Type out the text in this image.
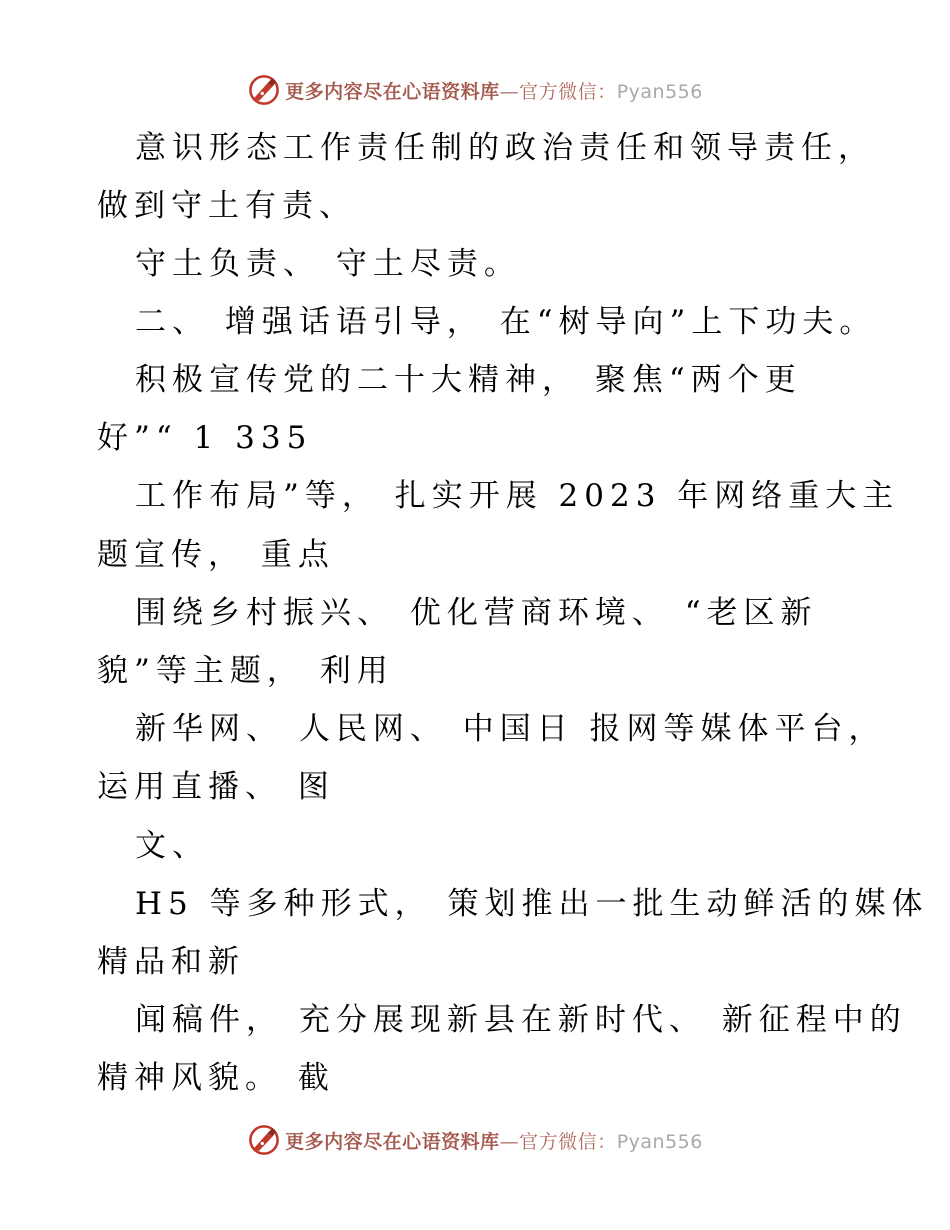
更多内容尽在心语资料库—官方微信：Pyan556
意识形态工作责任制的政治责任和领导责任，
做到守土有责、
守土负责、 守土尽责。
二、 增强话语引导， 在“树导向”上下功夫。
积极宣传党的二十大精神， 聚焦“两个更
好”“ 1 335
工作布局”等， 扎实开展 2023 年网络重大主
题宣传， 重点
围绕乡村振兴、 优化营商环境、 “老区新
貌”等主题， 利用
新华网、 人民网、 中国日 报网等媒体平台，
运用直播、 图
文、
H5 等多种形式， 策划推出一批生动鲜活的媒体
精品和新
闻稿件， 充分展现新县在新时代、 新征程中的
精神风貌。 截
更多内容尽在心语资料库—官方微信：Pyan556
